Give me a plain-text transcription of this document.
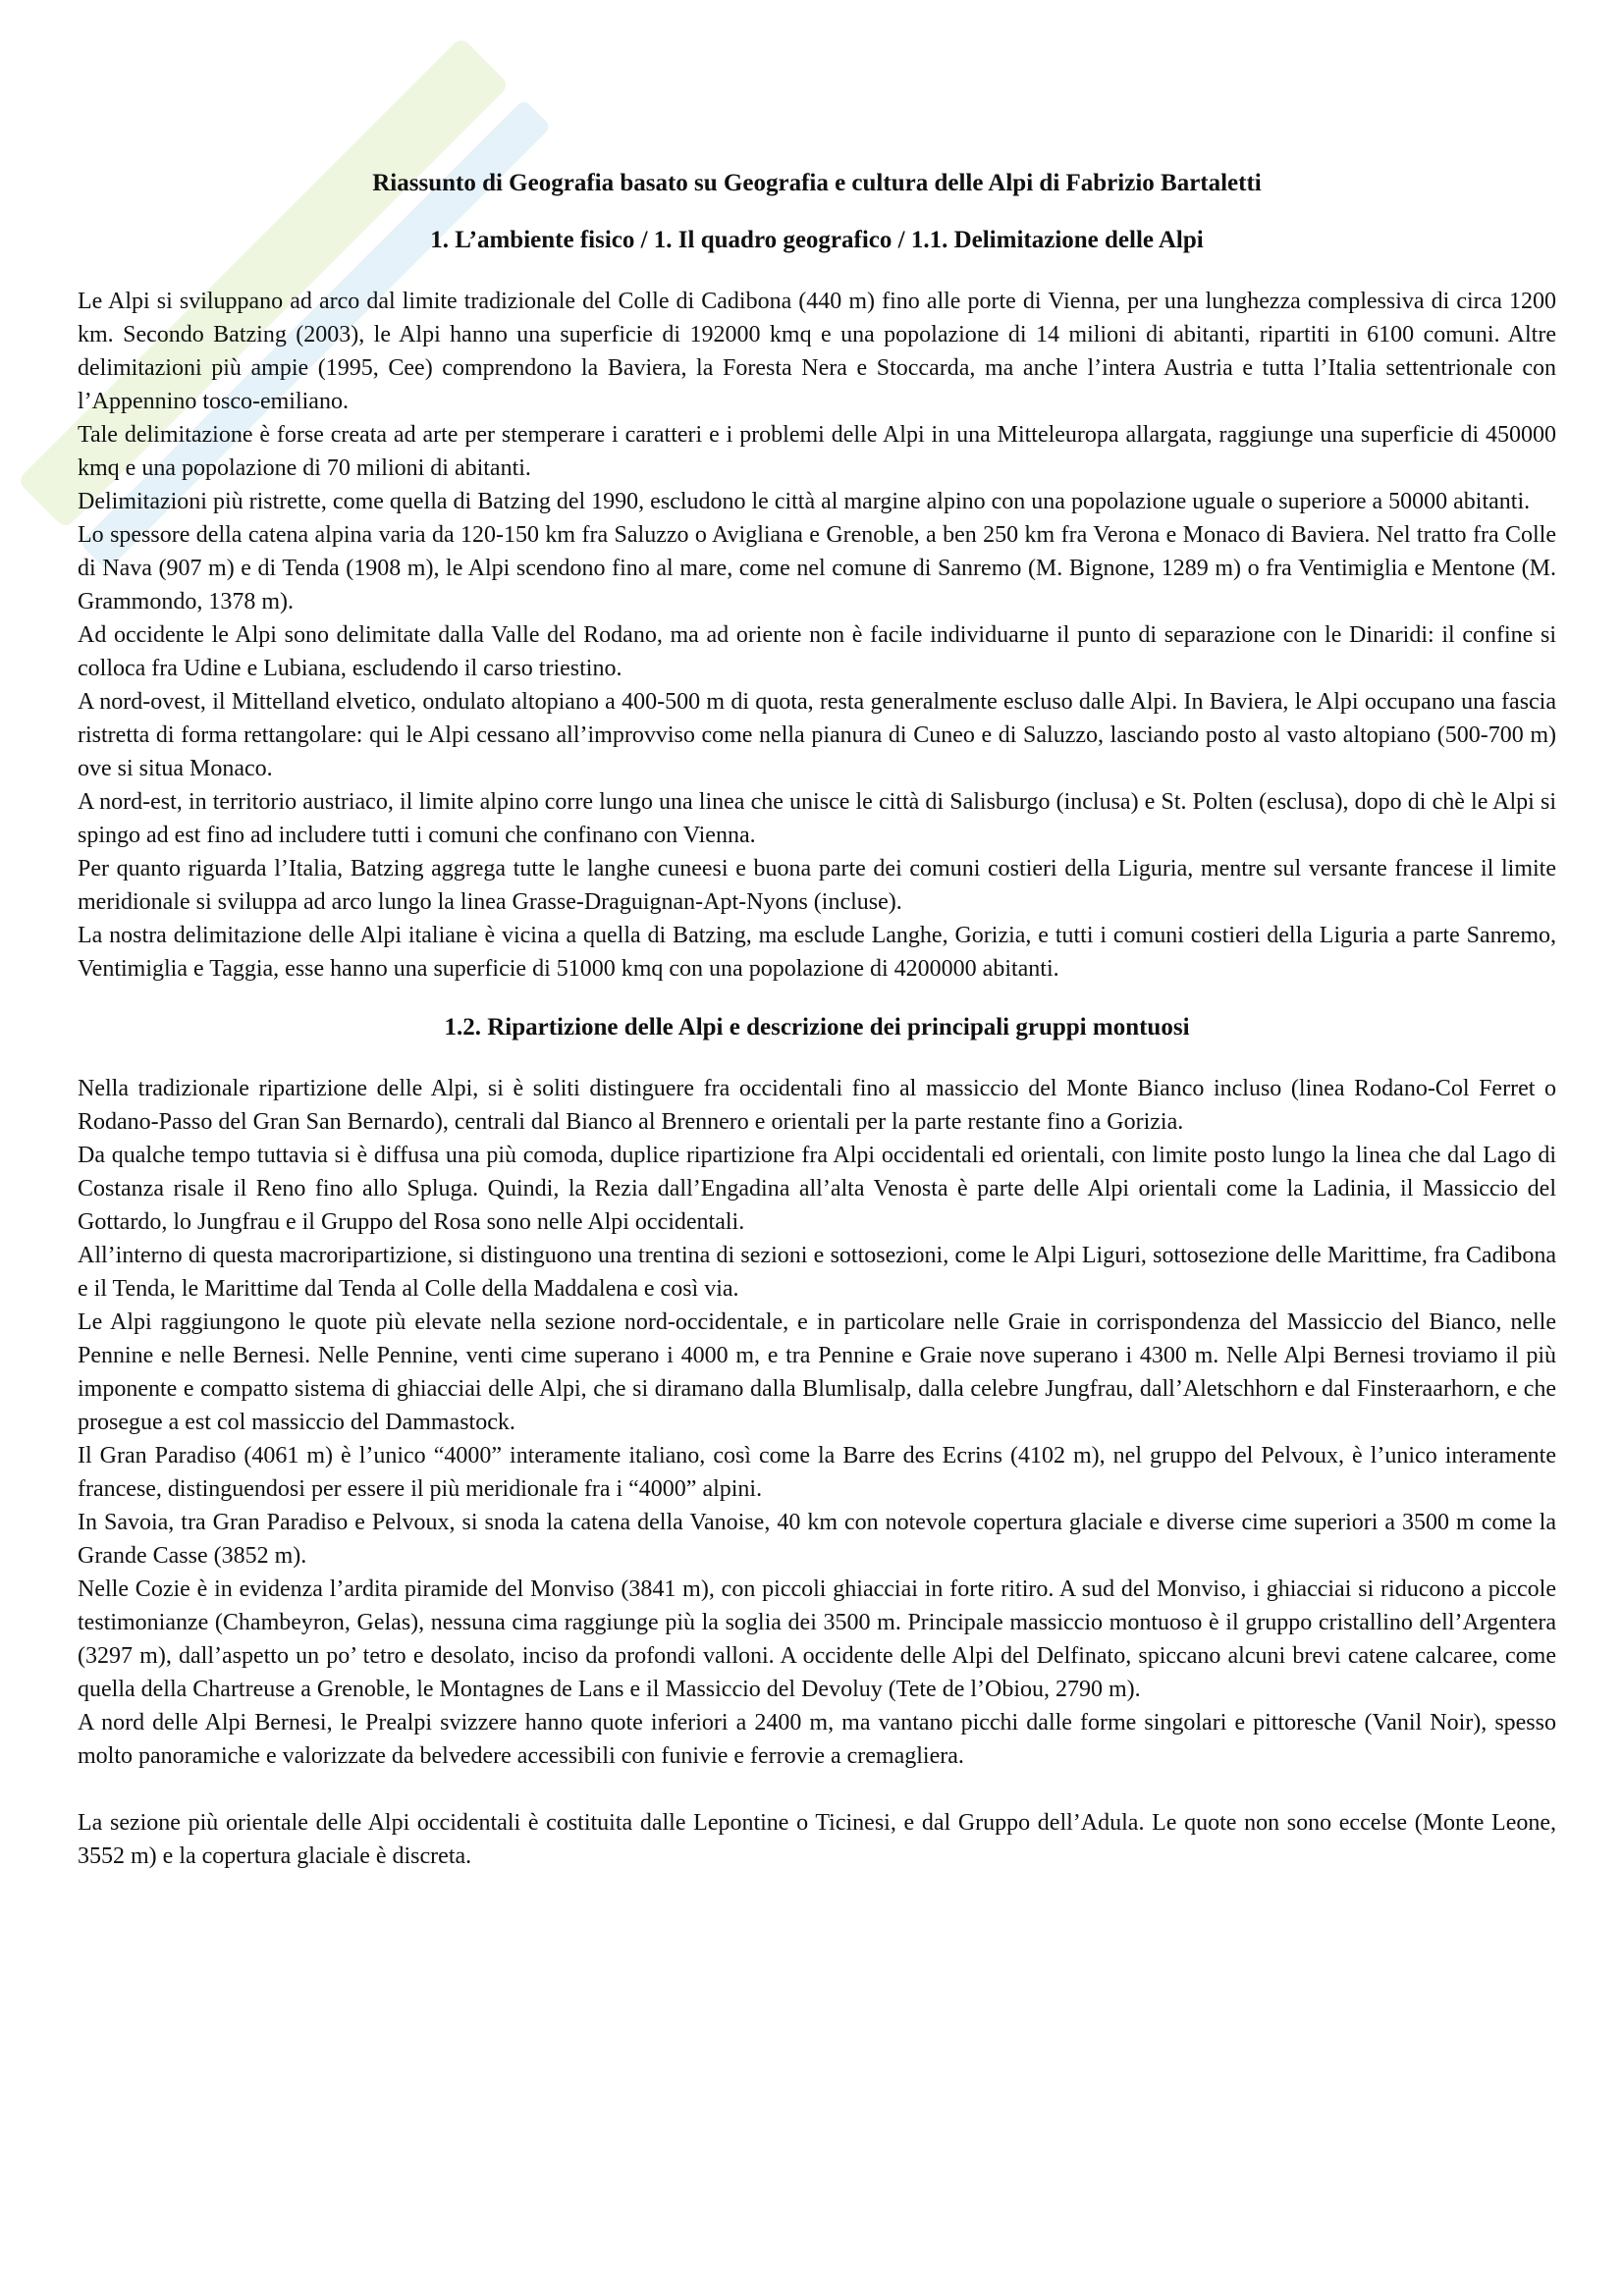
Riassunto di Geografia basato su Geografia e cultura delle Alpi di Fabrizio Bartaletti
1. L’ambiente fisico / 1. Il quadro geografico / 1.1. Delimitazione delle Alpi

Le Alpi si sviluppano ad arco dal limite tradizionale del Colle di Cadibona (440 m) fino alle porte di Vienna, per una lunghezza complessiva di circa 1200 km. Secondo Batzing (2003), le Alpi hanno una superficie di 192000 kmq e una popolazione di 14 milioni di abitanti, ripartiti in 6100 comuni. Altre delimitazioni più ampie (1995, Cee) comprendono la Baviera, la Foresta Nera e Stoccarda, ma anche l’intera Austria e tutta l’Italia settentrionale con l’Appennino tosco-emiliano.

Tale delimitazione è forse creata ad arte per stemperare i caratteri e i problemi delle Alpi in una Mitteleuropa allargata, raggiunge una superficie di 450000 kmq e una popolazione di 70 milioni di abitanti.

Delimitazioni più ristrette, come quella di Batzing del 1990, escludono le città al margine alpino con una popolazione uguale o superiore a 50000 abitanti.

Lo spessore della catena alpina varia da 120-150 km fra Saluzzo o Avigliana e Grenoble, a ben 250 km fra Verona e Monaco di Baviera. Nel tratto fra Colle di Nava (907 m) e di Tenda (1908 m), le Alpi scendono fino al mare, come nel comune di Sanremo (M. Bignone, 1289 m) o fra Ventimiglia e Mentone (M. Grammondo, 1378 m).

Ad occidente le Alpi sono delimitate dalla Valle del Rodano, ma ad oriente non è facile individuarne il punto di separazione con le Dinaridi: il confine si colloca fra Udine e Lubiana, escludendo il carso triestino.

A nord-ovest, il Mittelland elvetico, ondulato altopiano a 400-500 m di quota, resta generalmente escluso dalle Alpi. In Baviera, le Alpi occupano una fascia ristretta di forma rettangolare: qui le Alpi cessano all’improvviso come nella pianura di Cuneo e di Saluzzo, lasciando posto al vasto altopiano (500-700 m) ove si situa Monaco.

A nord-est, in territorio austriaco, il limite alpino corre lungo una linea che unisce le città di Salisburgo (inclusa) e St. Polten (esclusa), dopo di chè le Alpi si spingo ad est fino ad includere tutti i comuni che confinano con Vienna.

Per quanto riguarda l’Italia, Batzing aggrega tutte le langhe cuneesi e buona parte dei comuni costieri della Liguria, mentre sul versante francese il limite meridionale si sviluppa ad arco lungo la linea Grasse-Draguignan-Apt-Nyons (incluse).

La nostra delimitazione delle Alpi italiane è vicina a quella di Batzing, ma esclude Langhe, Gorizia, e tutti i comuni costieri della Liguria a parte Sanremo, Ventimiglia e Taggia, esse hanno una superficie di 51000 kmq con una popolazione di 4200000 abitanti.

1.2. Ripartizione delle Alpi e descrizione dei principali gruppi montuosi

Nella tradizionale ripartizione delle Alpi, si è soliti distinguere fra occidentali fino al massiccio del Monte Bianco incluso (linea Rodano-Col Ferret o Rodano-Passo del Gran San Bernardo), centrali dal Bianco al Brennero e orientali per la parte restante fino a Gorizia.

Da qualche tempo tuttavia si è diffusa una più comoda, duplice ripartizione fra Alpi occidentali ed orientali, con limite posto lungo la linea che dal Lago di Costanza risale il Reno fino allo Spluga. Quindi, la Rezia dall’Engadina all’alta Venosta è parte delle Alpi orientali come la Ladinia, il Massiccio del Gottardo, lo Jungfrau e il Gruppo del Rosa sono nelle Alpi occidentali.

All’interno di questa macroripartizione, si distinguono una trentina di sezioni e sottosezioni, come le Alpi Liguri, sottosezione delle Marittime, fra Cadibona e il Tenda, le Marittime dal Tenda al Colle della Maddalena e così via.

Le Alpi raggiungono le quote più elevate nella sezione nord-occidentale, e in particolare nelle Graie in corrispondenza del Massiccio del Bianco, nelle Pennine e nelle Bernesi. Nelle Pennine, venti cime superano i 4000 m, e tra Pennine e Graie nove superano i 4300 m. Nelle Alpi Bernesi troviamo il più imponente e compatto sistema di ghiacciai delle Alpi, che si diramano dalla Blumlisalp, dalla celebre Jungfrau, dall’Aletschhorn e dal Finsteraarhorn, e che prosegue a est col massiccio del Dammastock.

Il Gran Paradiso (4061 m) è l’unico “4000” interamente italiano, così come la Barre des Ecrins (4102 m), nel gruppo del Pelvoux, è l’unico interamente francese, distinguendosi per essere il più meridionale fra i “4000” alpini.

In Savoia, tra Gran Paradiso e Pelvoux, si snoda la catena della Vanoise, 40 km con notevole copertura glaciale e diverse cime superiori a 3500 m come la Grande Casse (3852 m).

Nelle Cozie è in evidenza l’ardita piramide del Monviso (3841 m), con piccoli ghiacciai in forte ritiro. A sud del Monviso, i ghiacciai si riducono a piccole testimonianze (Chambeyron, Gelas), nessuna cima raggiunge più la soglia dei 3500 m. Principale massiccio montuoso è il gruppo cristallino dell’Argentera (3297 m), dall’aspetto un po’ tetro e desolato, inciso da profondi valloni. A occidente delle Alpi del Delfinato, spiccano alcuni brevi catene calcaree, come quella della Chartreuse a Grenoble, le Montagnes de Lans e il Massiccio del Devoluy (Tete de l’Obiou, 2790 m).

A nord delle Alpi Bernesi, le Prealpi svizzere hanno quote inferiori a 2400 m, ma vantano picchi dalle forme singolari e pittoresche (Vanil Noir), spesso molto panoramiche e valorizzate da belvedere accessibili con funivie e ferrovie a cremagliera.

La sezione più orientale delle Alpi occidentali è costituita dalle Lepontine o Ticinesi, e dal Gruppo dell’Adula. Le quote non sono eccelse (Monte Leone, 3552 m) e la copertura glaciale è discreta.
